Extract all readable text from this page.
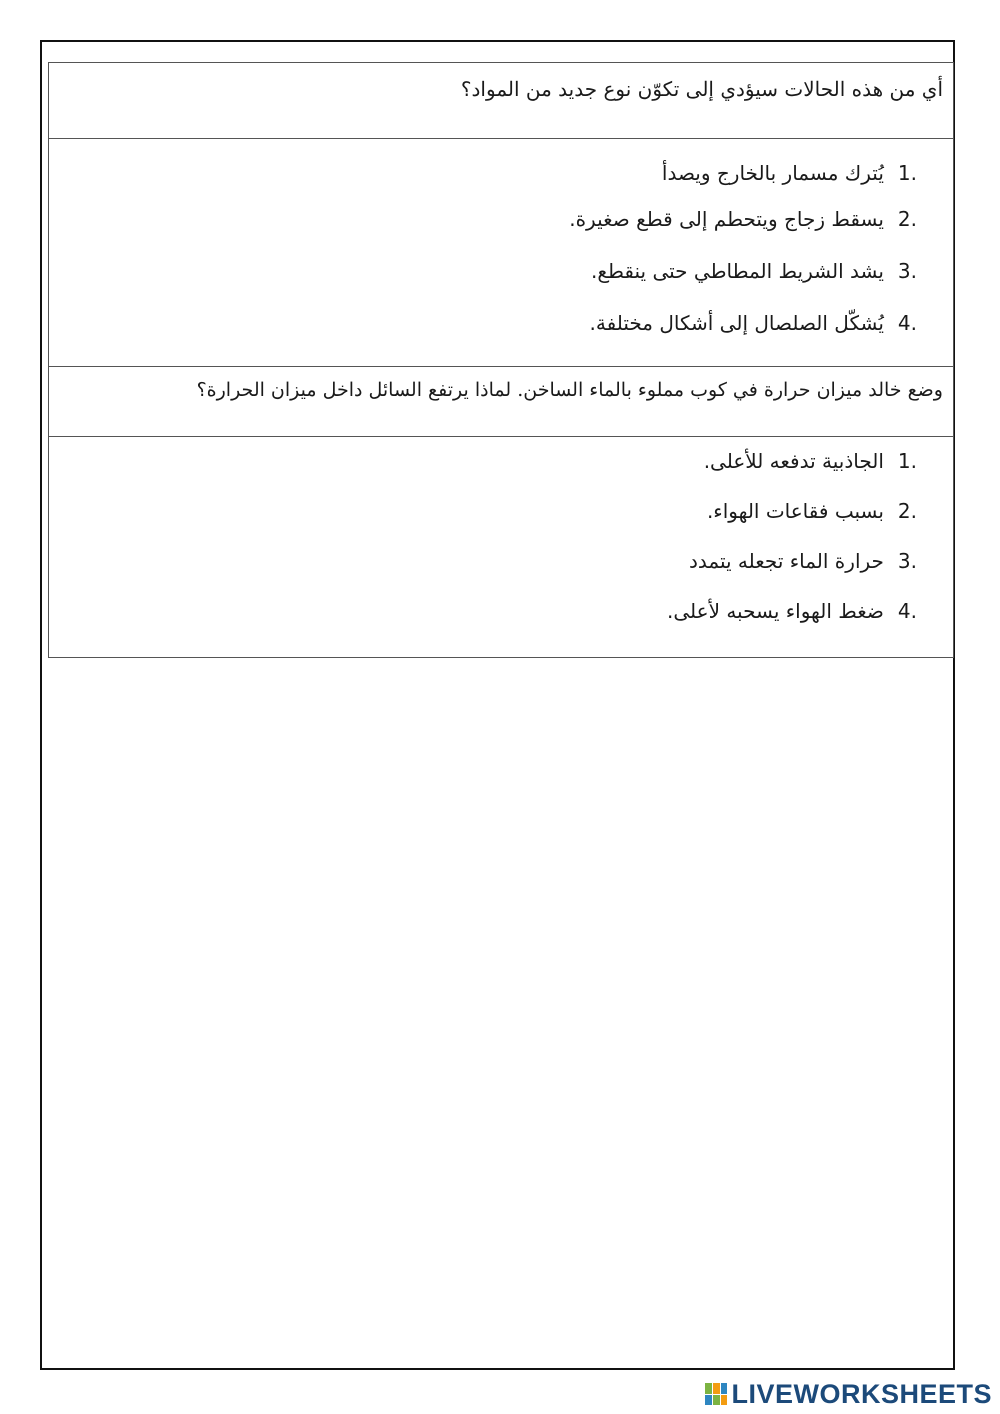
أي من هذه الحالات سيؤدي إلى تكوّن نوع جديد من المواد؟
1.يُترك مسمار بالخارج ويصدأ
2.يسقط زجاج ويتحطم إلى قطع صغيرة.
3.يشد الشريط المطاطي حتى ينقطع.
4.يُشكّل الصلصال إلى أشكال مختلفة.
وضع خالد ميزان حرارة في كوب مملوء بالماء الساخن. لماذا يرتفع السائل داخل ميزان الحرارة؟
1.الجاذبية تدفعه للأعلى.
2.بسبب فقاعات الهواء.
3.حرارة الماء تجعله يتمدد
4.ضغط الهواء يسحبه لأعلى.
LIVEWORKSHEETS
